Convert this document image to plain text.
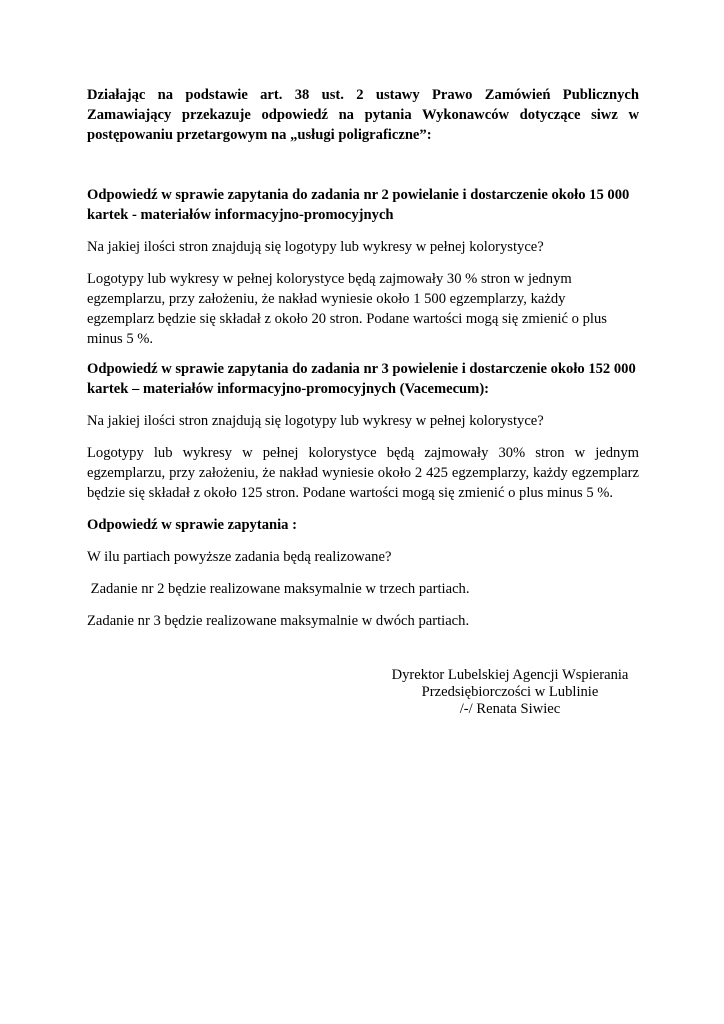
Działając na podstawie art. 38 ust. 2 ustawy Prawo Zamówień Publicznych Zamawiający przekazuje odpowiedź na pytania Wykonawców dotyczące siwz w postępowaniu przetargowym na „usługi poligraficzne”:

Odpowiedź w sprawie zapytania do zadania nr 2 powielanie i dostarczenie około 15 000 kartek - materiałów informacyjno-promocyjnych

Na jakiej ilości stron znajdują się logotypy lub wykresy w pełnej kolorystyce?

Logotypy lub wykresy w pełnej kolorystyce będą zajmowały 30 % stron w jednym
egzemplarzu, przy założeniu, że nakład wyniesie około 1 500 egzemplarzy, każdy
egzemplarz będzie się składał z około 20 stron. Podane wartości mogą się zmienić o plus
minus 5 %.

Odpowiedź w sprawie zapytania do zadania nr 3 powielenie i dostarczenie około 152 000 kartek – materiałów informacyjno-promocyjnych (Vacemecum):

Na jakiej ilości stron znajdują się logotypy lub wykresy w pełnej kolorystyce?

Logotypy lub wykresy w pełnej kolorystyce będą zajmowały 30% stron w jednym egzemplarzu, przy założeniu, że nakład wyniesie około 2 425 egzemplarzy, każdy egzemplarz będzie się składał z około 125 stron. Podane wartości mogą się zmienić o plus minus 5 %.

Odpowiedź w sprawie zapytania :

W ilu partiach powyższe zadania będą realizowane?

Zadanie nr 2 będzie realizowane maksymalnie w trzech partiach.

Zadanie nr 3 będzie realizowane maksymalnie w dwóch partiach.

Dyrektor Lubelskiej Agencji Wspierania
Przedsiębiorczości w Lublinie
/-/ Renata Siwiec
